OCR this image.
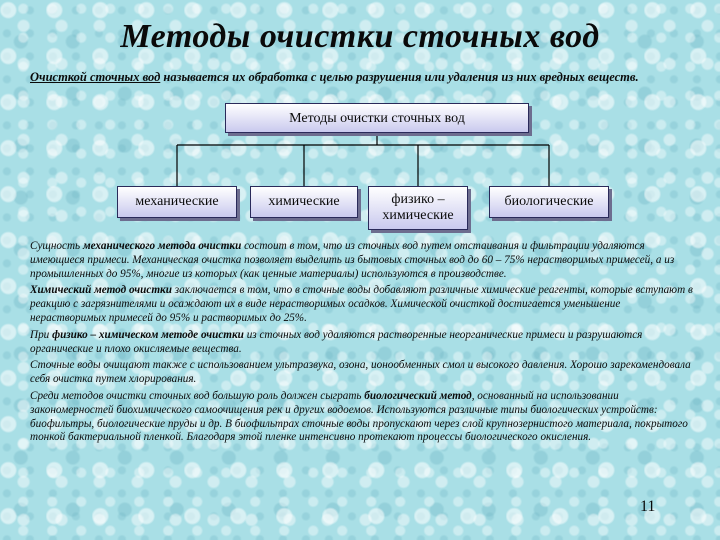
Методы очистки сточных вод

Очисткой сточных вод называется их обработка с целью разрушения или удаления из них вредных веществ.

Методы очистки сточных вод
механические	химические	физико – химические
биологические

Сущность механического метода очистки состоит в том, что из сточных вод путем отстаивания и фильтрации удаляются имеющиеся примеси. Механическая очистка позволяет выделить из бытовых сточных вод до 60 – 75% нерастворимых примесей, а из промышленных до 95%, многие из которых (как ценные материалы) используются в производстве.

Химический метод очистки заключается в том, что в сточные воды добавляют различные химические реагенты, которые вступают в реакцию с загрязнителями и осаждают их в виде нерастворимых осадков. Химической очисткой достигается уменьшение нерастворимых примесей до 95% и растворимых до 25%.

При физико – химическом методе очистки из сточных вод удаляются растворенные неорганические примеси и разрушаются органические и плохо окисляемые вещества.

Сточные воды очищают также с использованием ультразвука, озона, ионообменных смол и высокого давления. Хорошо зарекомендовала себя очистка путем хлорирования.

Среди методов очистки сточных вод большую роль должен сыграть биологический метод, основанный на использовании закономерностей биохимического самоочищения рек и других водоемов. Используются различные типы биологических устройств: биофильтры, биологические пруды и др. В биофильтрах сточные воды пропускают через слой крупнозернистого материала, покрытого тонкой бактериальной пленкой. Благодаря этой пленке интенсивно протекают процессы биологического окисления.

11
